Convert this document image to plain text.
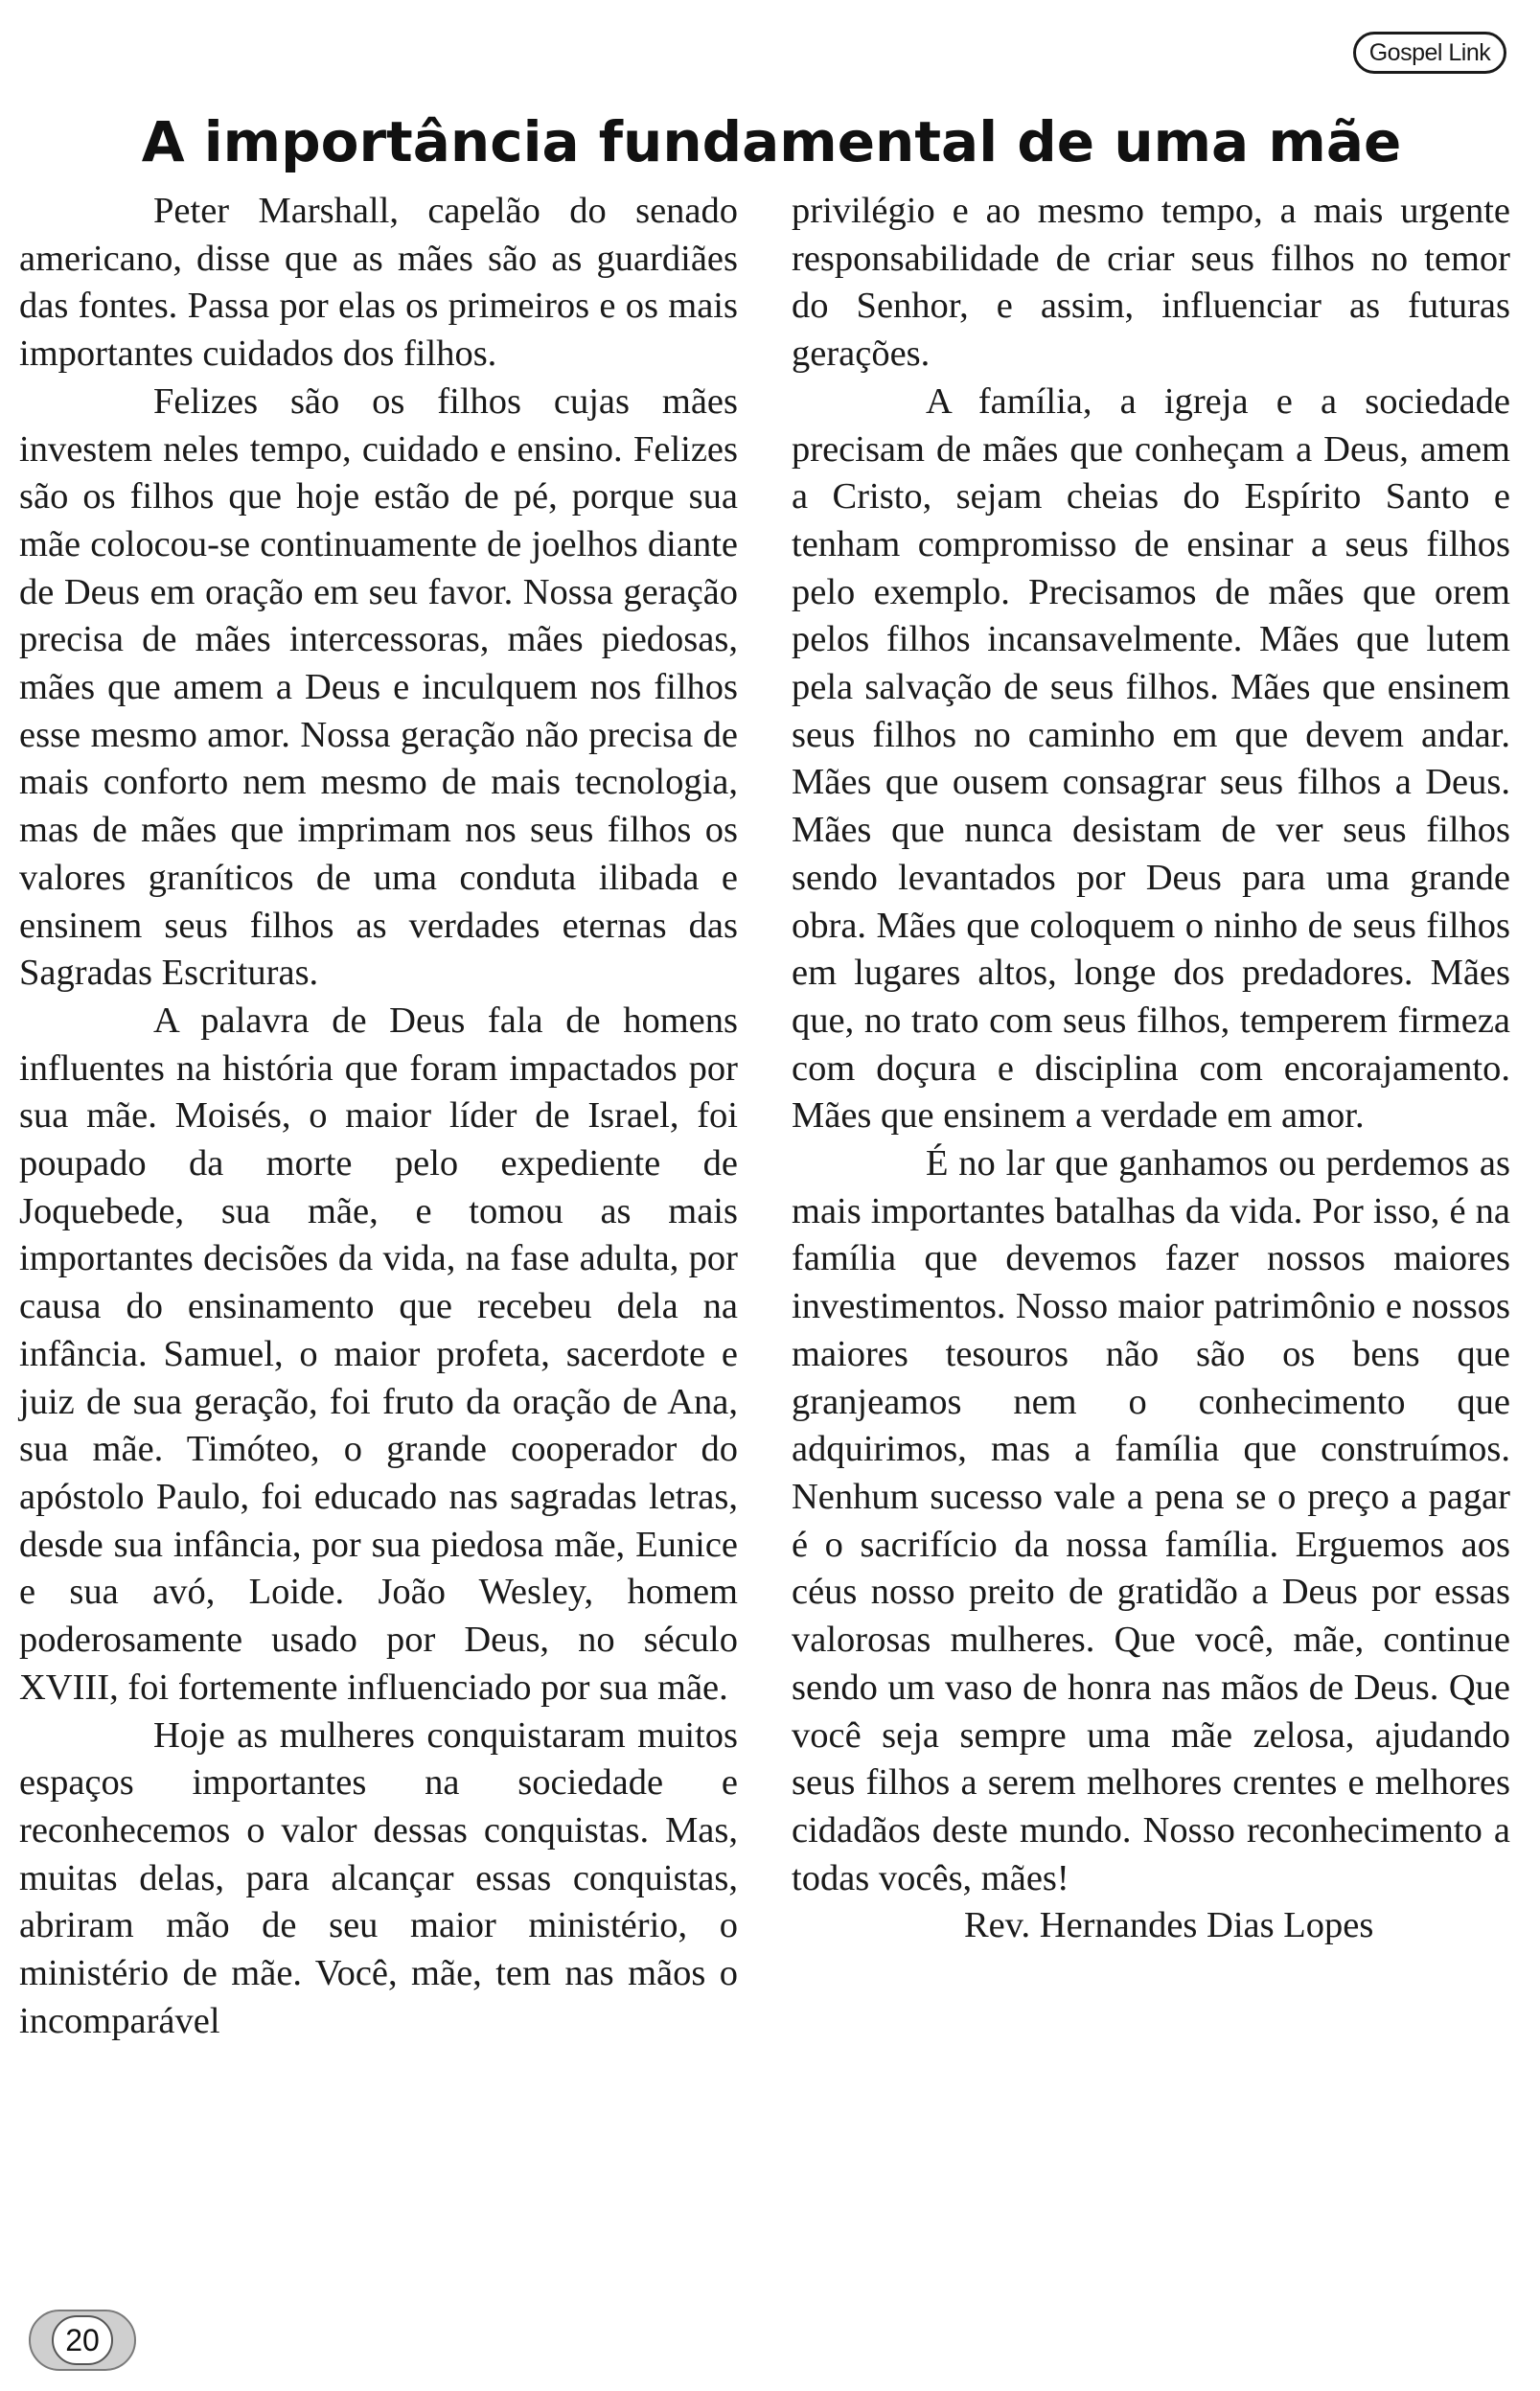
Gospel Link
A importância fundamental de uma mãe

Peter Marshall, capelão do senado americano, disse que as mães são as guardiães das fontes. Passa por elas os primeiros e os mais importantes cuidados dos filhos.

Felizes são os filhos cujas mães investem neles tempo, cuidado e ensino. Felizes são os filhos que hoje estão de pé, porque sua mãe colocou-se continuamente de joelhos diante de Deus em oração em seu favor. Nossa geração precisa de mães intercessoras, mães piedosas, mães que amem a Deus e inculquem nos filhos esse mesmo amor. Nossa geração não precisa de mais conforto nem mesmo de mais tecnologia, mas de mães que imprimam nos seus filhos os valores graníticos de uma conduta ilibada e ensinem seus filhos as verdades eternas das Sagradas Escrituras.

A palavra de Deus fala de homens influentes na história que foram impactados por sua mãe. Moisés, o maior líder de Israel, foi poupado da morte pelo expediente de Joquebede, sua mãe, e tomou as mais importantes decisões da vida, na fase adulta, por causa do ensinamento que recebeu dela na infância. Samuel, o maior profeta, sacerdote e juiz de sua geração, foi fruto da oração de Ana, sua mãe. Timóteo, o grande cooperador do apóstolo Paulo, foi educado nas sagradas letras, desde sua infância, por sua piedosa mãe, Eunice e sua avó, Loide. João Wesley, homem poderosamente usado por Deus, no século XVIII, foi fortemente influenciado por sua mãe.

Hoje as mulheres conquistaram muitos espaços importantes na sociedade e reconhecemos o valor dessas conquistas. Mas, muitas delas, para alcançar essas conquistas, abriram mão de seu maior ministério, o ministério de mãe. Você, mãe, tem nas mãos o incomparável

privilégio e ao mesmo tempo, a mais urgente responsabilidade de criar seus filhos no temor do Senhor, e assim, influenciar as futuras gerações.

A família, a igreja e a sociedade precisam de mães que conheçam a Deus, amem a Cristo, sejam cheias do Espírito Santo e tenham compromisso de ensinar a seus filhos pelo exemplo. Precisamos de mães que orem pelos filhos incansavelmente. Mães que lutem pela salvação de seus filhos. Mães que ensinem seus filhos no caminho em que devem andar. Mães que ousem consagrar seus filhos a Deus. Mães que nunca desistam de ver seus filhos sendo levantados por Deus para uma grande obra. Mães que coloquem o ninho de seus filhos em lugares altos, longe dos predadores. Mães que, no trato com seus filhos, temperem firmeza com doçura e disciplina com encorajamento. Mães que ensinem a verdade em amor.

É no lar que ganhamos ou perdemos as mais importantes batalhas da vida. Por isso, é na família que devemos fazer nossos maiores investimentos. Nosso maior patrimônio e nossos maiores tesouros não são os bens que granjeamos nem o conhecimento que adquirimos, mas a família que construímos. Nenhum sucesso vale a pena se o preço a pagar é o sacrifício da nossa família. Erguemos aos céus nosso preito de gratidão a Deus por essas valorosas mulheres. Que você, mãe, continue sendo um vaso de honra nas mãos de Deus. Que você seja sempre uma mãe zelosa, ajudando seus filhos a serem melhores crentes e melhores cidadãos deste mundo. Nosso reconhecimento a todas vocês, mães!

Rev. Hernandes Dias Lopes

20
